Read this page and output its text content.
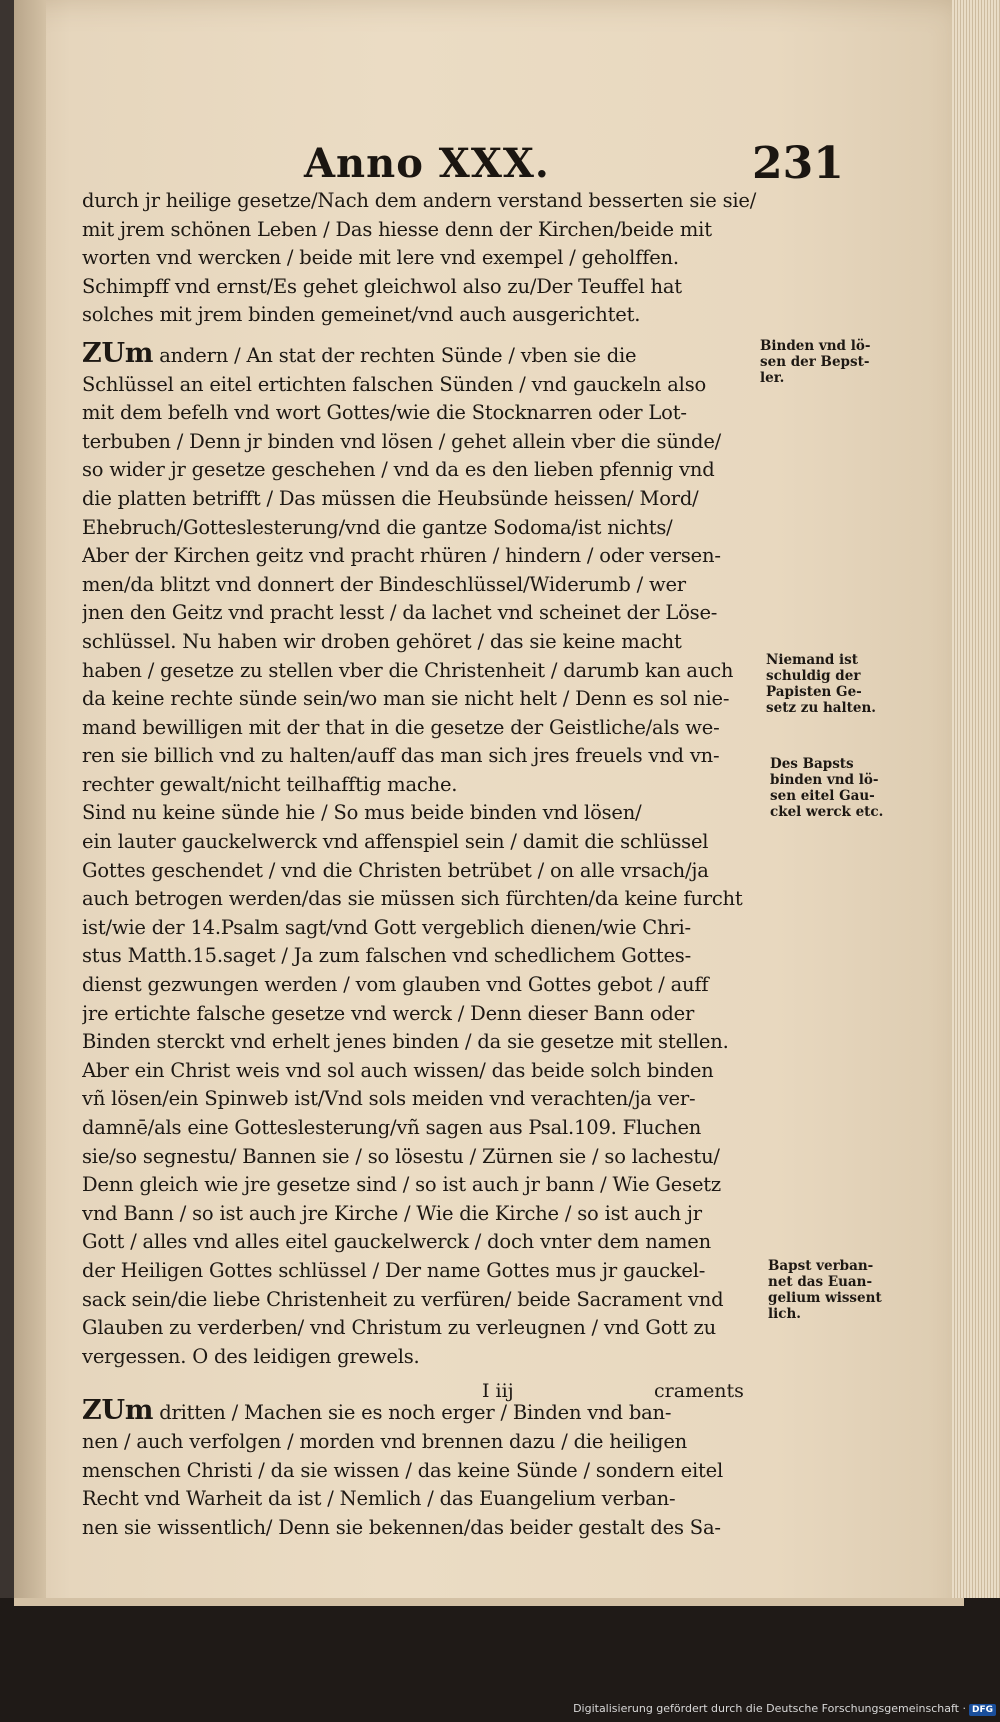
Anno XXX.	231
durch jr heilige gesetze/Nach dem andern verstand besserten sie sie/
mit jrem schönen Leben / Das hiesse denn der Kirchen/beide mit
worten vnd wercken / beide mit lere vnd exempel / geholffen.
Schimpff vnd ernst/Es gehet gleichwol also zu/Der Teuffel hat
solches mit jrem binden gemeinet/vnd auch ausgerichtet.
ZUm andern / An stat der rechten Sünde / vben sie die
Schlüssel an eitel ertichten falschen Sünden / vnd gauckeln also
mit dem befelh vnd wort Gottes/wie die Stocknarren oder Lot-
terbuben / Denn jr binden vnd lösen / gehet allein vber die sünde/
so wider jr gesetze geschehen / vnd da es den lieben pfennig vnd
die platten betrifft / Das müssen die Heubsünde heissen/ Mord/
Ehebruch/Gotteslesterung/vnd die gantze Sodoma/ist nichts/
Aber der Kirchen geitz vnd pracht rhüren / hindern / oder versen-
men/da blitzt vnd donnert der Bindeschlüssel/Widerumb / wer
jnen den Geitz vnd pracht lesst / da lachet vnd scheinet der Löse-
schlüssel. Nu haben wir droben gehöret / das sie keine macht
haben / gesetze zu stellen vber die Christenheit / darumb kan auch
da keine rechte sünde sein/wo man sie nicht helt / Denn es sol nie-
mand bewilligen mit der that in die gesetze der Geistliche/als we-
ren sie billich vnd zu halten/auff das man sich jres freuels vnd vn-
rechter gewalt/nicht teilhafftig mache.
Sind nu keine sünde hie / So mus beide binden vnd lösen/
ein lauter gauckelwerck vnd affenspiel sein / damit die schlüssel
Gottes geschendet / vnd die Christen betrübet / on alle vrsach/ja
auch betrogen werden/das sie müssen sich fürchten/da keine furcht
ist/wie der 14.Psalm sagt/vnd Gott vergeblich dienen/wie Chri-
stus Matth.15.saget / Ja zum falschen vnd schedlichem Gottes-
dienst gezwungen werden / vom glauben vnd Gottes gebot / auff
jre ertichte falsche gesetze vnd werck / Denn dieser Bann oder
Binden sterckt vnd erhelt jenes binden / da sie gesetze mit stellen.
Aber ein Christ weis vnd sol auch wissen/ das beide solch binden
vñ lösen/ein Spinweb ist/Vnd sols meiden vnd verachten/ja ver-
damnē/als eine Gotteslesterung/vñ sagen aus Psal.109. Fluchen
sie/so segnestu/ Bannen sie / so lösestu / Zürnen sie / so lachestu/
Denn gleich wie jre gesetze sind / so ist auch jr bann / Wie Gesetz
vnd Bann / so ist auch jre Kirche / Wie die Kirche / so ist auch jr
Gott / alles vnd alles eitel gauckelwerck / doch vnter dem namen
der Heiligen Gottes schlüssel / Der name Gottes mus jr gauckel-
sack sein/die liebe Christenheit zu verfüren/ beide Sacrament vnd
Glauben zu verderben/ vnd Christum zu verleugnen / vnd Gott zu
vergessen. O des leidigen grewels.
ZUm dritten / Machen sie es noch erger / Binden vnd ban-
nen / auch verfolgen / morden vnd brennen dazu / die heiligen
menschen Christi / da sie wissen / das keine Sünde / sondern eitel
Recht vnd Warheit da ist / Nemlich / das Euangelium verban-
nen sie wissentlich/ Denn sie bekennen/das beider gestalt des Sa-
Binden vnd lö-
sen der Bepst-
ler.
Niemand ist
schuldig der
Papisten Ge-
setz zu halten.
Des Bapsts
binden vnd lö-
sen eitel Gau-
ckel werck etc.
Bapst verban-
net das Euan-
gelium wissent
lich.
I iij	craments
Digitalisierung gefördert durch die Deutsche Forschungsgemeinschaft · DFG
